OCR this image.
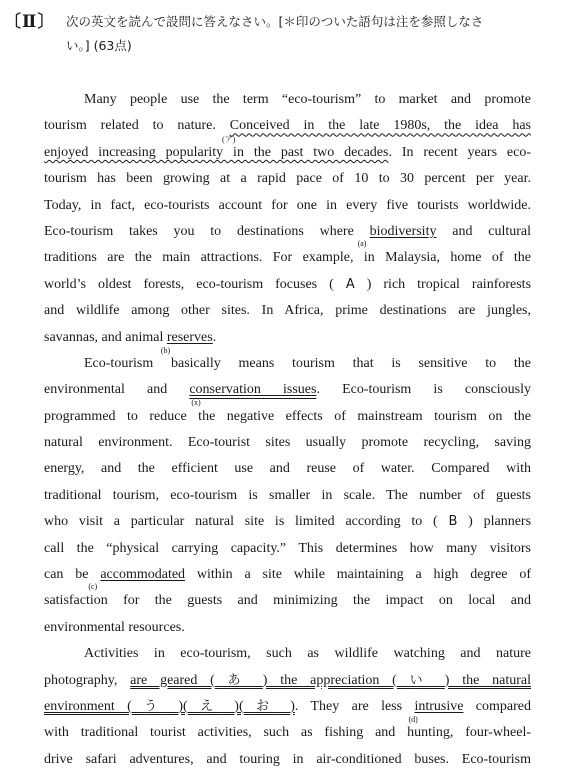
〔Ⅱ〕 次の英文を読んで設問に答えなさい。[＊印のついた語句は注を参照しなさ
い。] (63点)
Many people use the term “eco-tourism” to market and promote
tourism related to nature. Conceived in the late 1980s, the idea has
enjoyed increasing popularity in the past two decades
(ア)
. In recent years eco-
tourism has been growing at a rapid pace of 10 to 30 percent per year.
Today, in fact, eco-tourists account for one in every five tourists worldwide.
Eco-tourism takes you to destinations where biodiversity
(a)
and cultural
traditions are the main attractions. For example, in Malaysia, home of the
world’s oldest forests, eco-tourism focuses ( A ) rich tropical rainforests
and wildlife among other sites. In Africa, prime destinations are jungles,
savannas, and animal reserves
(b)
.
Eco-tourism basically means tourism that is sensitive to the
environmental and conservation issues
(x)
. Eco-tourism is consciously
programmed to reduce the negative effects of mainstream tourism on the
natural environment. Eco-tourist sites usually promote recycling, saving
energy, and the efficient use and reuse of water. Compared with
traditional tourism, eco-tourism is smaller in scale. The number of guests
who visit a particular natural site is limited according to ( B ) planners
call the “physical carrying capacity.” This determines how many visitors
can be accommodated
(c)
within a site while maintaining a high degree of
satisfaction for the guests and minimizing the impact on local and
environmental resources.
Activities in eco-tourism, such as wildlife watching and nature
photography, are geared ( あ ) the appreciation ( い ) the natural
environment ( う )( え )( お ). They are less intrusive
(d)
compared
with traditional tourist activities, such as fishing and hunting, four-wheel-
drive safari adventures, and touring in air-conditioned buses. Eco-tourism
